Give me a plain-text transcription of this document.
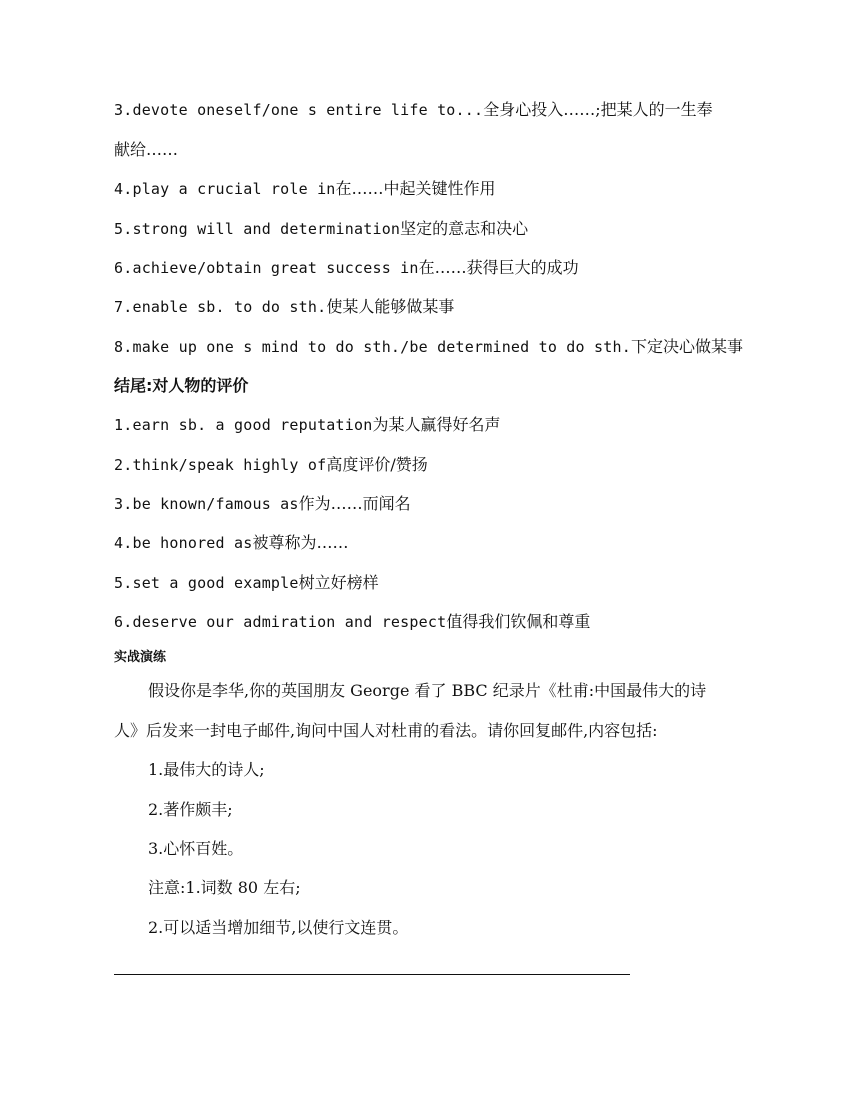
3.devote oneself/one s entire life to...全身心投入……;把某人的一生奉
献给……
4.play a crucial role in在……中起关键性作用
5.strong will and determination坚定的意志和决心
6.achieve/obtain great success in在……获得巨大的成功
7.enable sb. to do sth.使某人能够做某事
8.make up one s mind to do sth./be determined to do sth.下定决心做某事
结尾:对人物的评价
1.earn sb. a good reputation为某人赢得好名声
2.think/speak highly of高度评价/赞扬
3.be known/famous as作为……而闻名
4.be honored as被尊称为……
5.set a good example树立好榜样
6.deserve our admiration and respect值得我们钦佩和尊重
实战演练
假设你是李华,你的英国朋友 George 看了 BBC 纪录片《杜甫:中国最伟大的诗
人》后发来一封电子邮件,询问中国人对杜甫的看法。请你回复邮件,内容包括:
1.最伟大的诗人;
2.著作颇丰;
3.心怀百姓。
注意:1.词数 80 左右;
2.可以适当增加细节,以使行文连贯。
